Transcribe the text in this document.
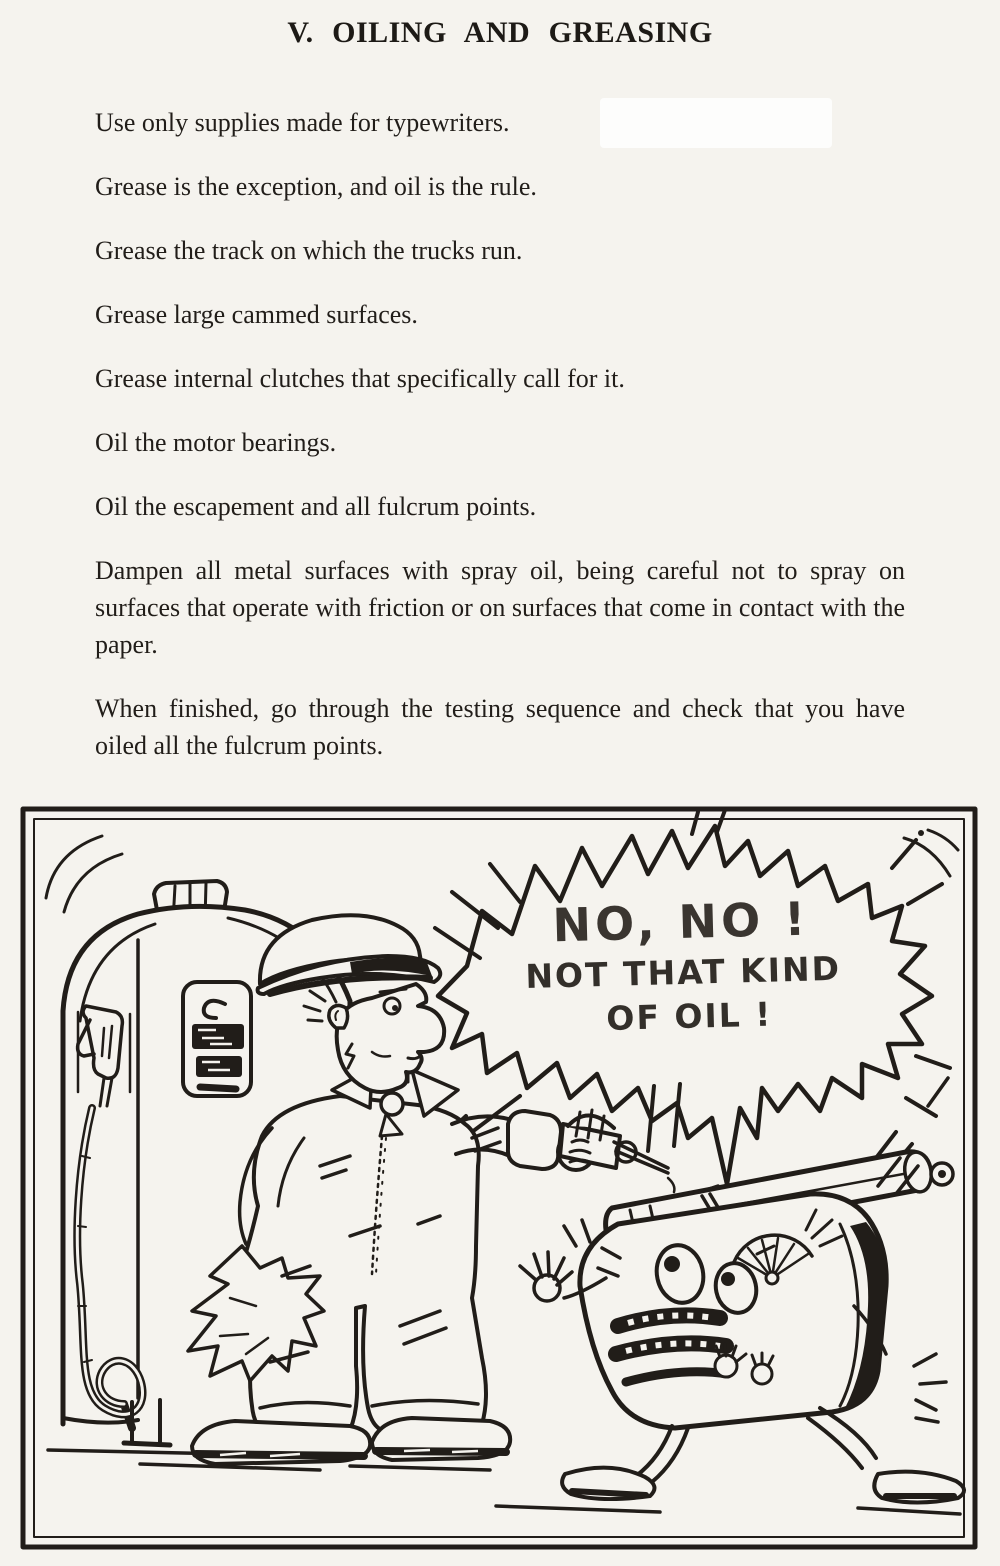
V. OILING AND GREASING

Use only supplies made for typewriters.

Grease is the exception, and oil is the rule.

Grease the track on which the trucks run.

Grease large cammed surfaces.

Grease internal clutches that specifically call for it.

Oil the motor bearings.

Oil the escapement and all fulcrum points.

Dampen all metal surfaces with spray oil, being careful not to spray on surfaces that operate with friction or on surfaces that come in contact with the paper.

When finished, go through the testing sequence and check that you have oiled all the fulcrum points.

NO, NO !
NOT THAT KIND
OF OIL !
